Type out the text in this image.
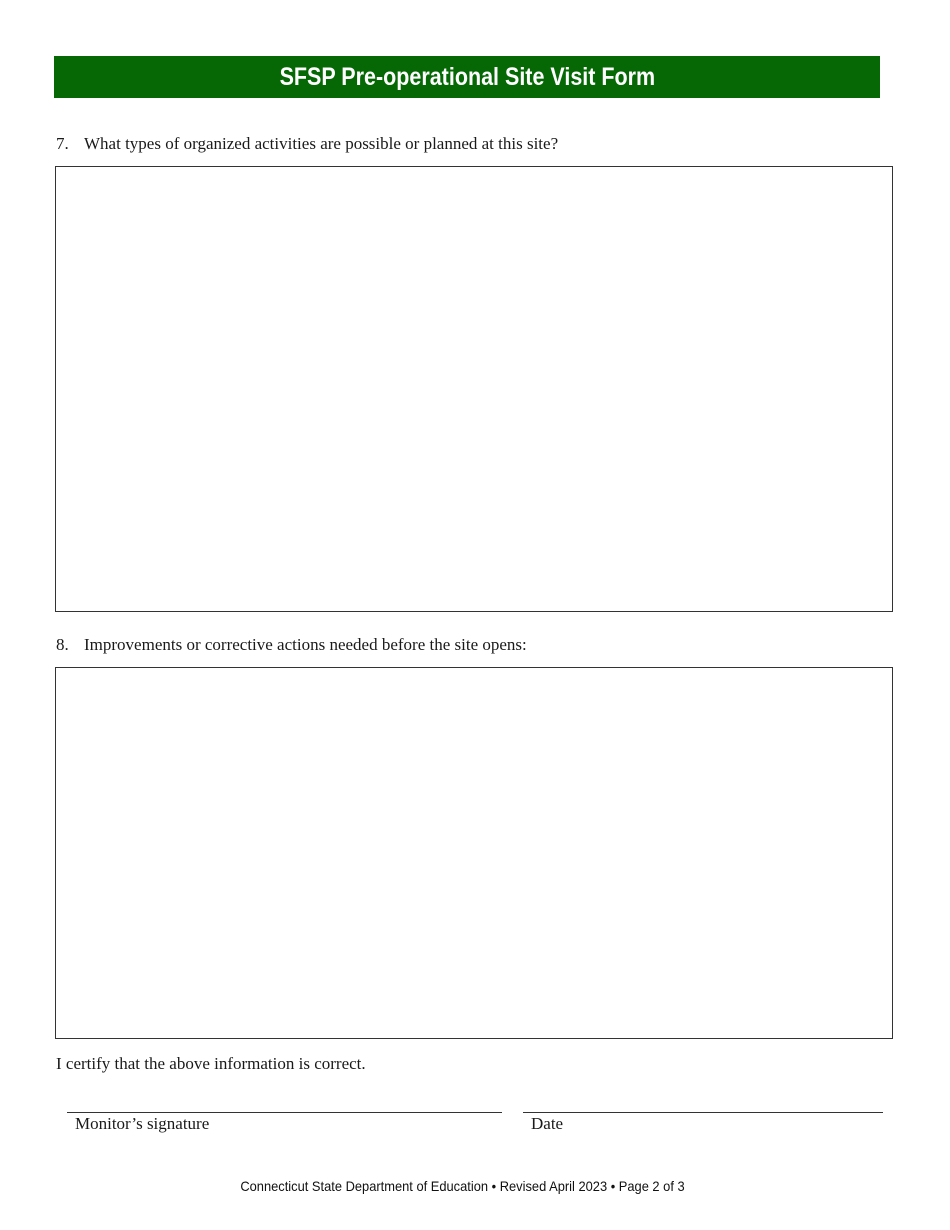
SFSP Pre-operational Site Visit Form
7. What types of organized activities are possible or planned at this site?
8. Improvements or corrective actions needed before the site opens:
I certify that the above information is correct.
Monitor’s signature	Date
Connecticut State Department of Education • Revised April 2023 • Page 2 of 3
